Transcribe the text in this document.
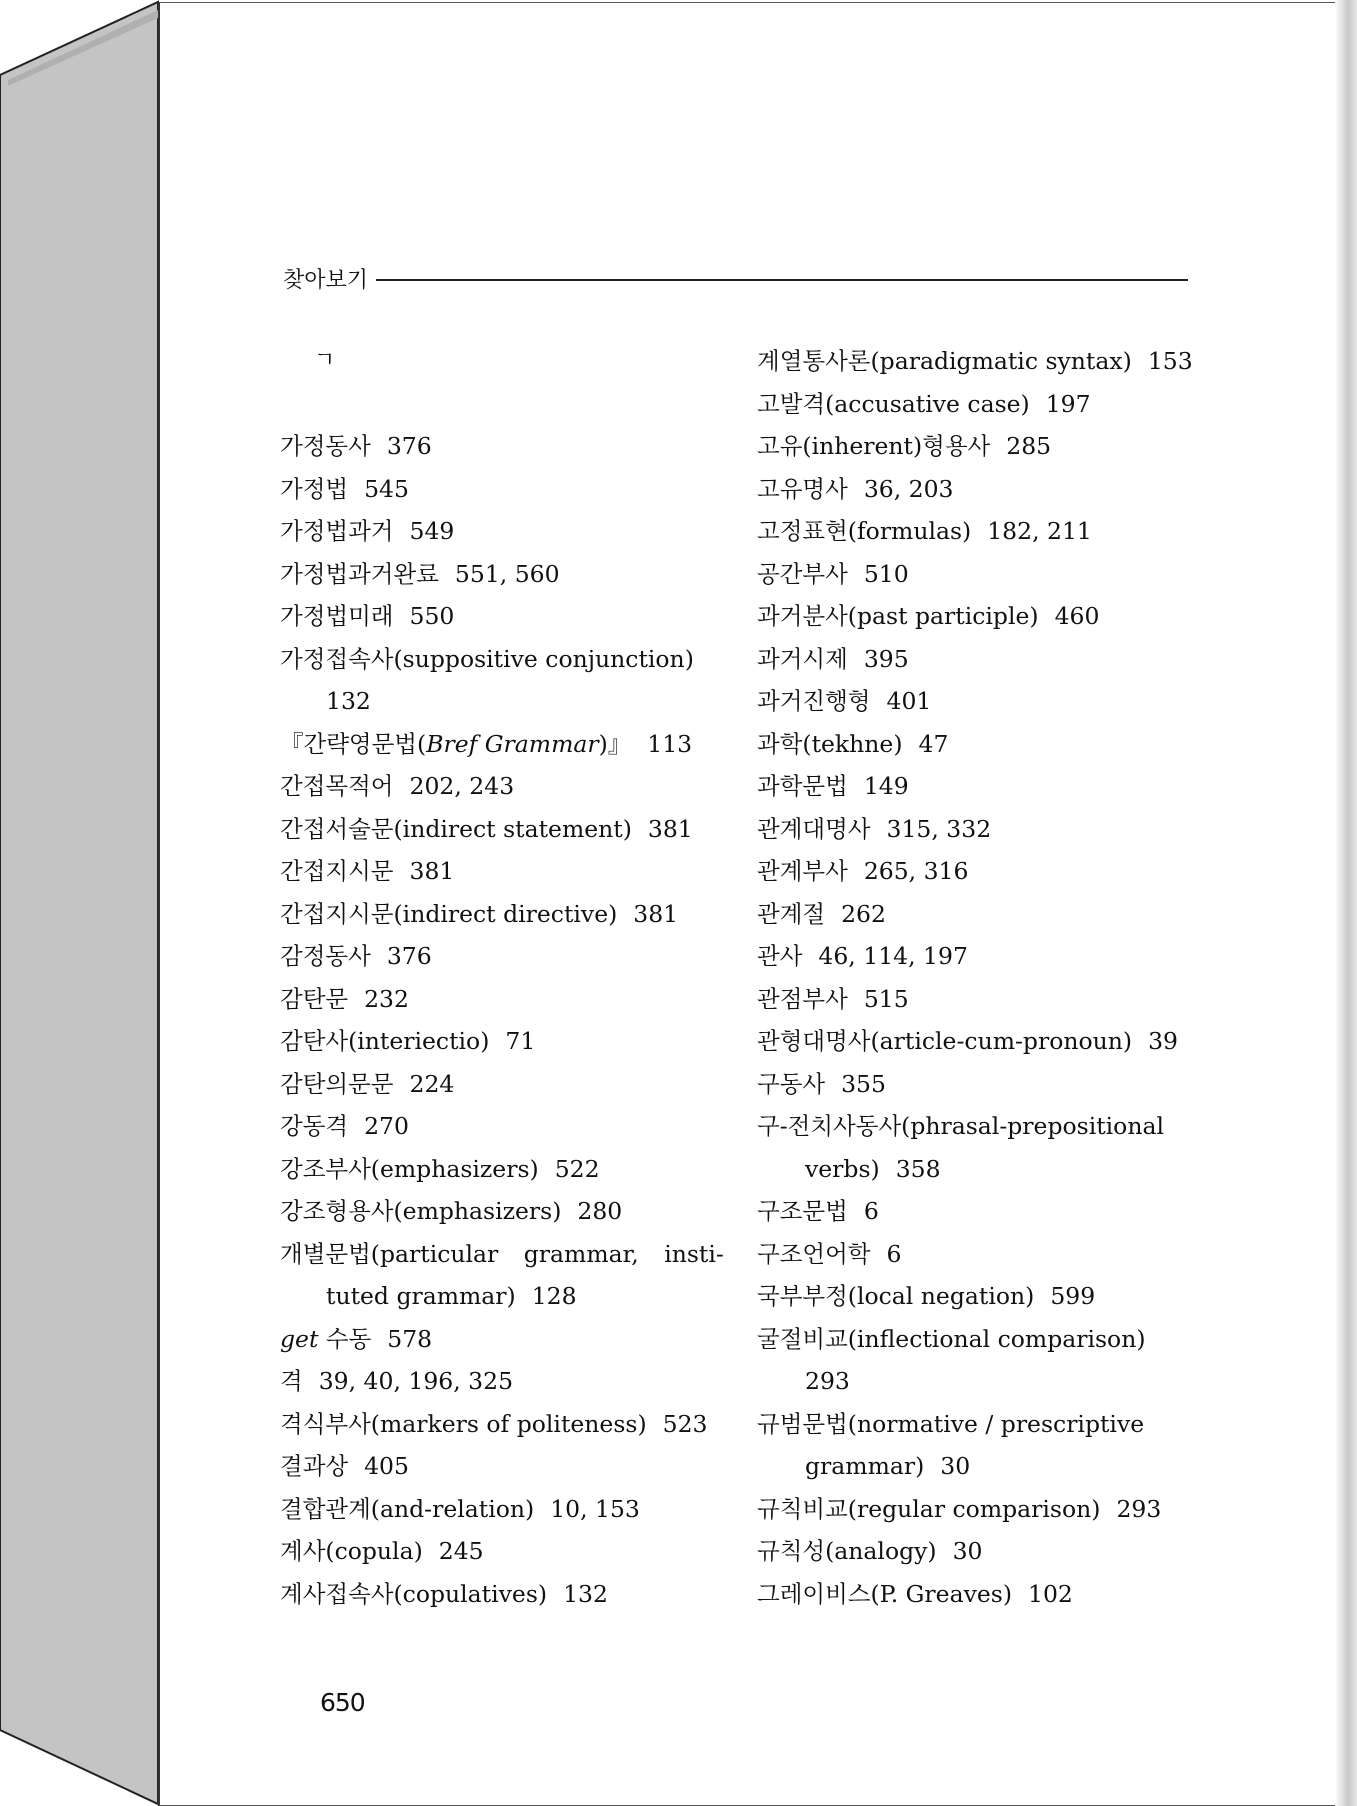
찾아보기
ㄱ
가정동사 376
가정법 545
가정법과거 549
가정법과거완료 551, 560
가정법미래 550
가정접속사(suppositive conjunction)
132
『간략영문법(Bref Grammar)』 113
간접목적어 202, 243
간접서술문(indirect statement) 381
간접지시문 381
간접지시문(indirect directive) 381
감정동사 376
감탄문 232
감탄사(interiectio) 71
감탄의문문 224
강동격 270
강조부사(emphasizers) 522
강조형용사(emphasizers) 280
개별문법(particular grammar, insti-
tuted grammar) 128
get 수동 578
격 39, 40, 196, 325
격식부사(markers of politeness) 523
결과상 405
결합관계(and-relation) 10, 153
계사(copula) 245
계사접속사(copulatives) 132
계열통사론(paradigmatic syntax) 153
고발격(accusative case) 197
고유(inherent)형용사 285
고유명사 36, 203
고정표현(formulas) 182, 211
공간부사 510
과거분사(past participle) 460
과거시제 395
과거진행형 401
과학(tekhne) 47
과학문법 149
관계대명사 315, 332
관계부사 265, 316
관계절 262
관사 46, 114, 197
관점부사 515
관형대명사(article-cum-pronoun) 39
구동사 355
구-전치사동사(phrasal-prepositional
verbs) 358
구조문법 6
구조언어학 6
국부부정(local negation) 599
굴절비교(inflectional comparison)
293
규범문법(normative / prescriptive
grammar) 30
규칙비교(regular comparison) 293
규칙성(analogy) 30
그레이비스(P. Greaves) 102
650
